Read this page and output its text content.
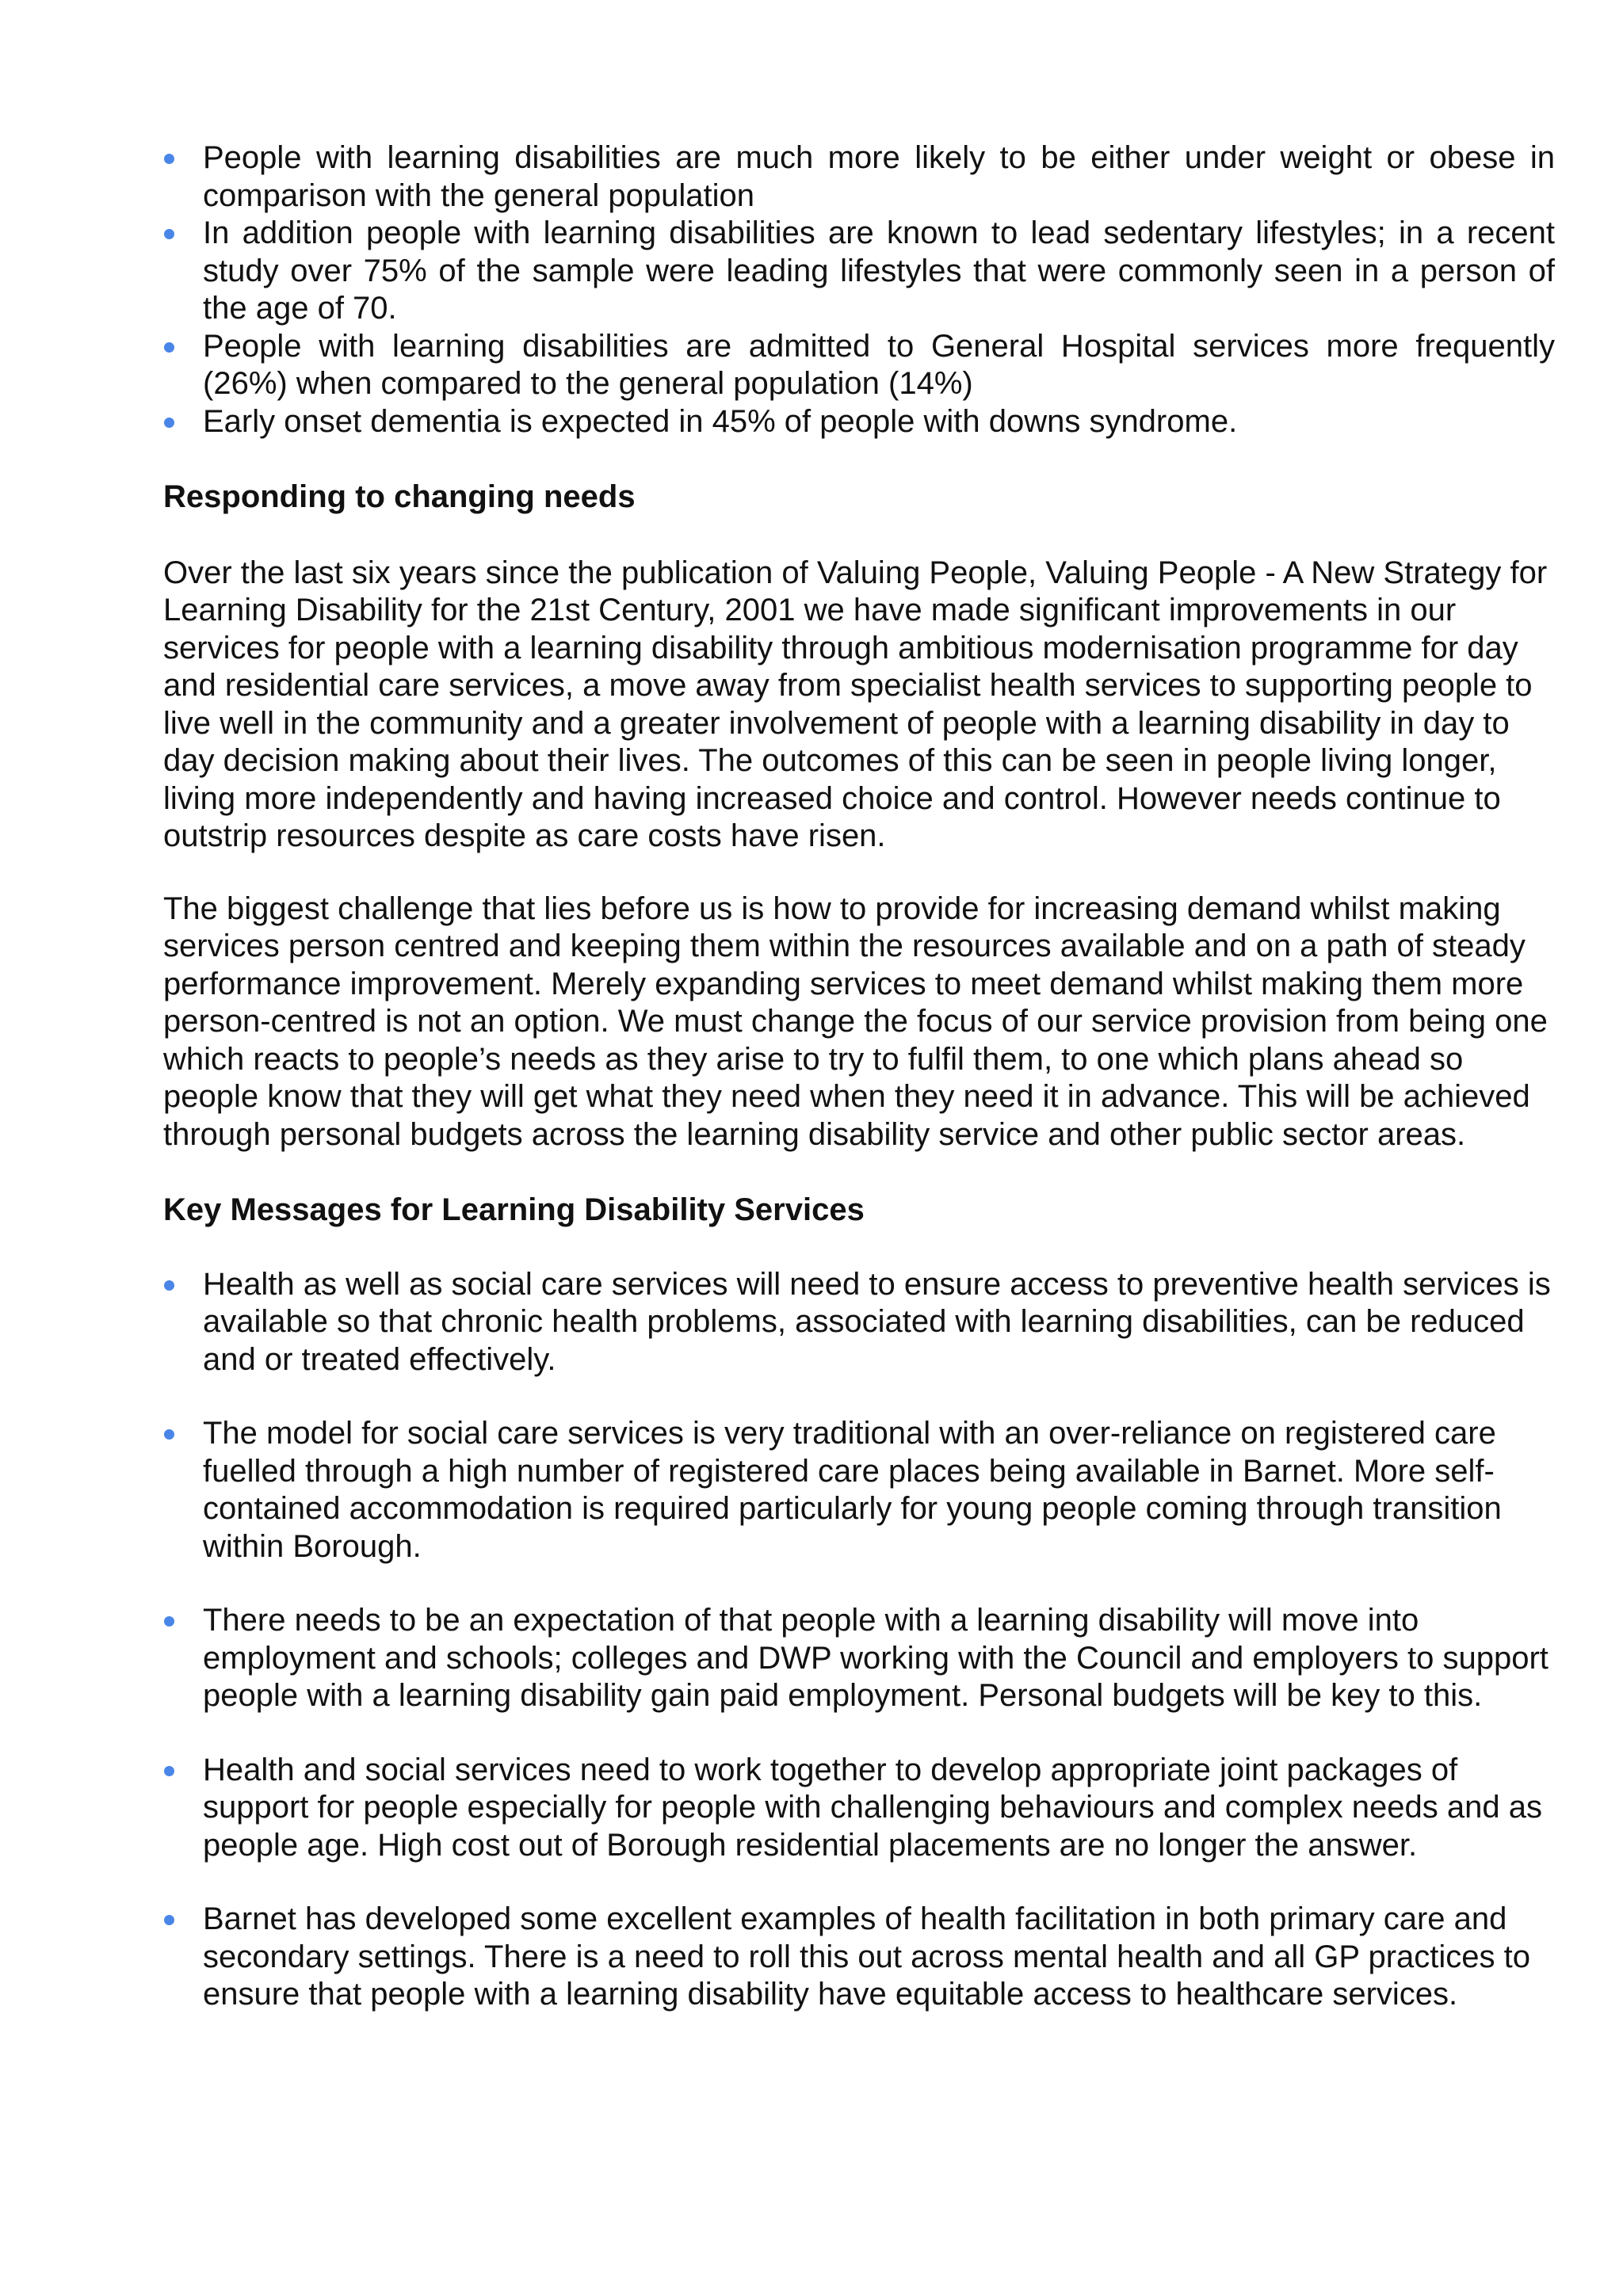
People with learning disabilities are much more likely to be either under weight or obese in comparison with the general population
In addition people with learning disabilities are known to lead sedentary lifestyles; in a recent study over 75% of the sample were leading lifestyles that were commonly seen in a person of the age of 70.
People with learning disabilities are admitted to General Hospital services more frequently (26%) when compared to the general population (14%)
Early onset dementia is expected in 45% of people with downs syndrome.
Responding to changing needs

Over the last six years since the publication of Valuing People, Valuing People - A New Strategy for Learning Disability for the 21st Century, 2001 we have made significant improvements in our services for people with a learning disability through ambitious modernisation programme for day and residential care services, a move away from specialist health services to supporting people to live well in the community and a greater involvement of people with a learning disability in day to day decision making about their lives. The outcomes of this can be seen in people living longer, living more independently and having increased choice and control. However needs continue to outstrip resources despite as care costs have risen.

The biggest challenge that lies before us is how to provide for increasing demand whilst making services person centred and keeping them within the resources available and on a path of steady performance improvement. Merely expanding services to meet demand whilst making them more person-centred is not an option. We must change the focus of our service provision from being one which reacts to people’s needs as they arise to try to fulfil them, to one which plans ahead so people know that they will get what they need when they need it in advance. This will be achieved through personal budgets across the learning disability service and other public sector areas.

Key Messages for Learning Disability Services
Health as well as social care services will need to ensure access to preventive health services is available so that chronic health problems, associated with learning disabilities, can be reduced and or treated effectively.
The model for social care services is very traditional with an over-reliance on registered care fuelled through a high number of registered care places being available in Barnet. More self-contained accommodation is required particularly for young people coming through transition within Borough.
There needs to be an expectation of that people with a learning disability will move into employment and schools; colleges and DWP working with the Council and employers to support people with a learning disability gain paid employment. Personal budgets will be key to this.
Health and social services need to work together to develop appropriate joint packages of support for people especially for people with challenging behaviours and complex needs and as people age. High cost out of Borough residential placements are no longer the answer.
Barnet has developed some excellent examples of health facilitation in both primary care and secondary settings. There is a need to roll this out across mental health and all GP practices to ensure that people with a learning disability have equitable access to healthcare services.
